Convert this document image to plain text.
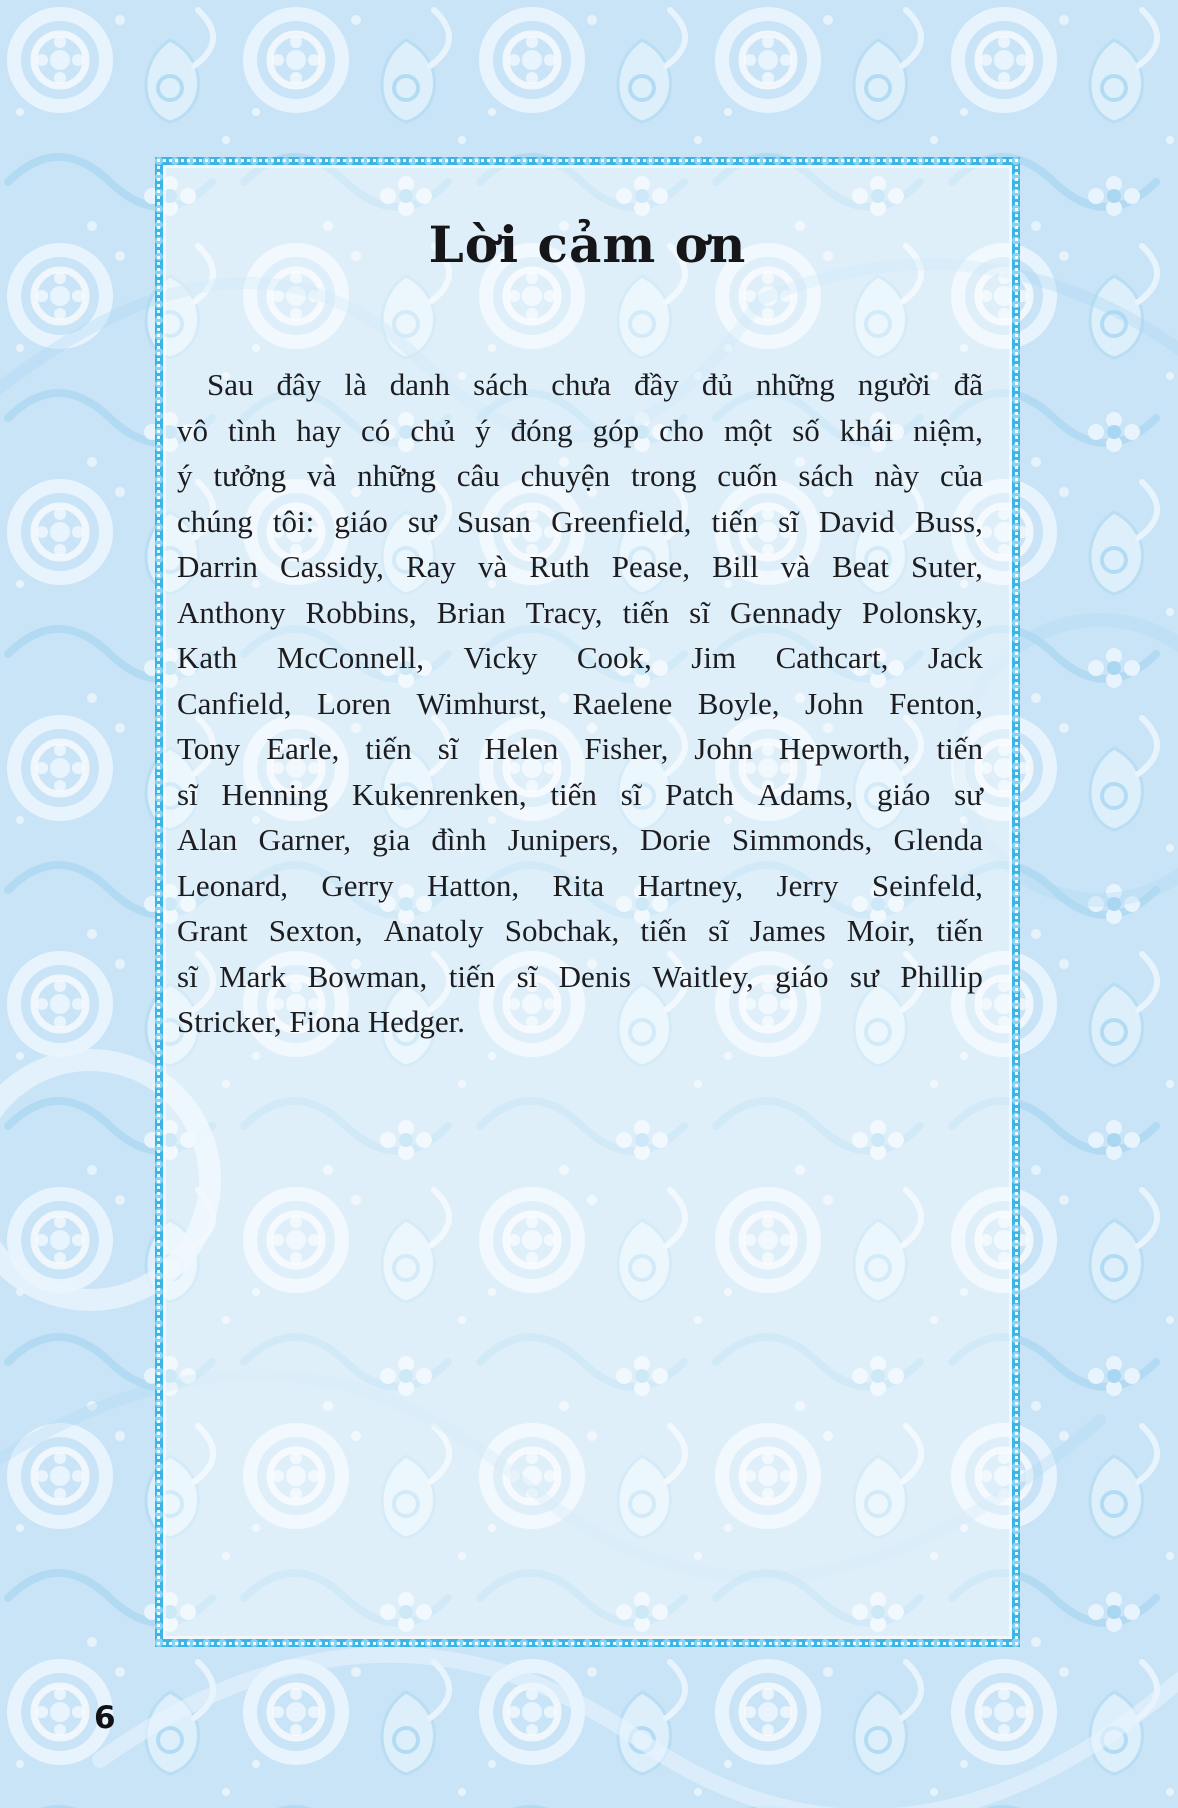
Lời cảm ơn
Sau đây là danh sách chưa đầy đủ những người đã
vô tình hay có chủ ý đóng góp cho một số khái niệm,
ý tưởng và những câu chuyện trong cuốn sách này của
chúng tôi: giáo sư Susan Greenfield, tiến sĩ David Buss,
Darrin Cassidy, Ray và Ruth Pease, Bill và Beat Suter,
Anthony Robbins, Brian Tracy, tiến sĩ Gennady Polonsky,
Kath McConnell, Vicky Cook, Jim Cathcart, Jack
Canfield, Loren Wimhurst, Raelene Boyle, John Fenton,
Tony Earle, tiến sĩ Helen Fisher, John Hepworth, tiến
sĩ Henning Kukenrenken, tiến sĩ Patch Adams, giáo sư
Alan Garner, gia đình Junipers, Dorie Simmonds, Glenda
Leonard, Gerry Hatton, Rita Hartney, Jerry Seinfeld,
Grant Sexton, Anatoly Sobchak, tiến sĩ James Moir, tiến
sĩ Mark Bowman, tiến sĩ Denis Waitley, giáo sư Phillip
Stricker, Fiona Hedger.
6
